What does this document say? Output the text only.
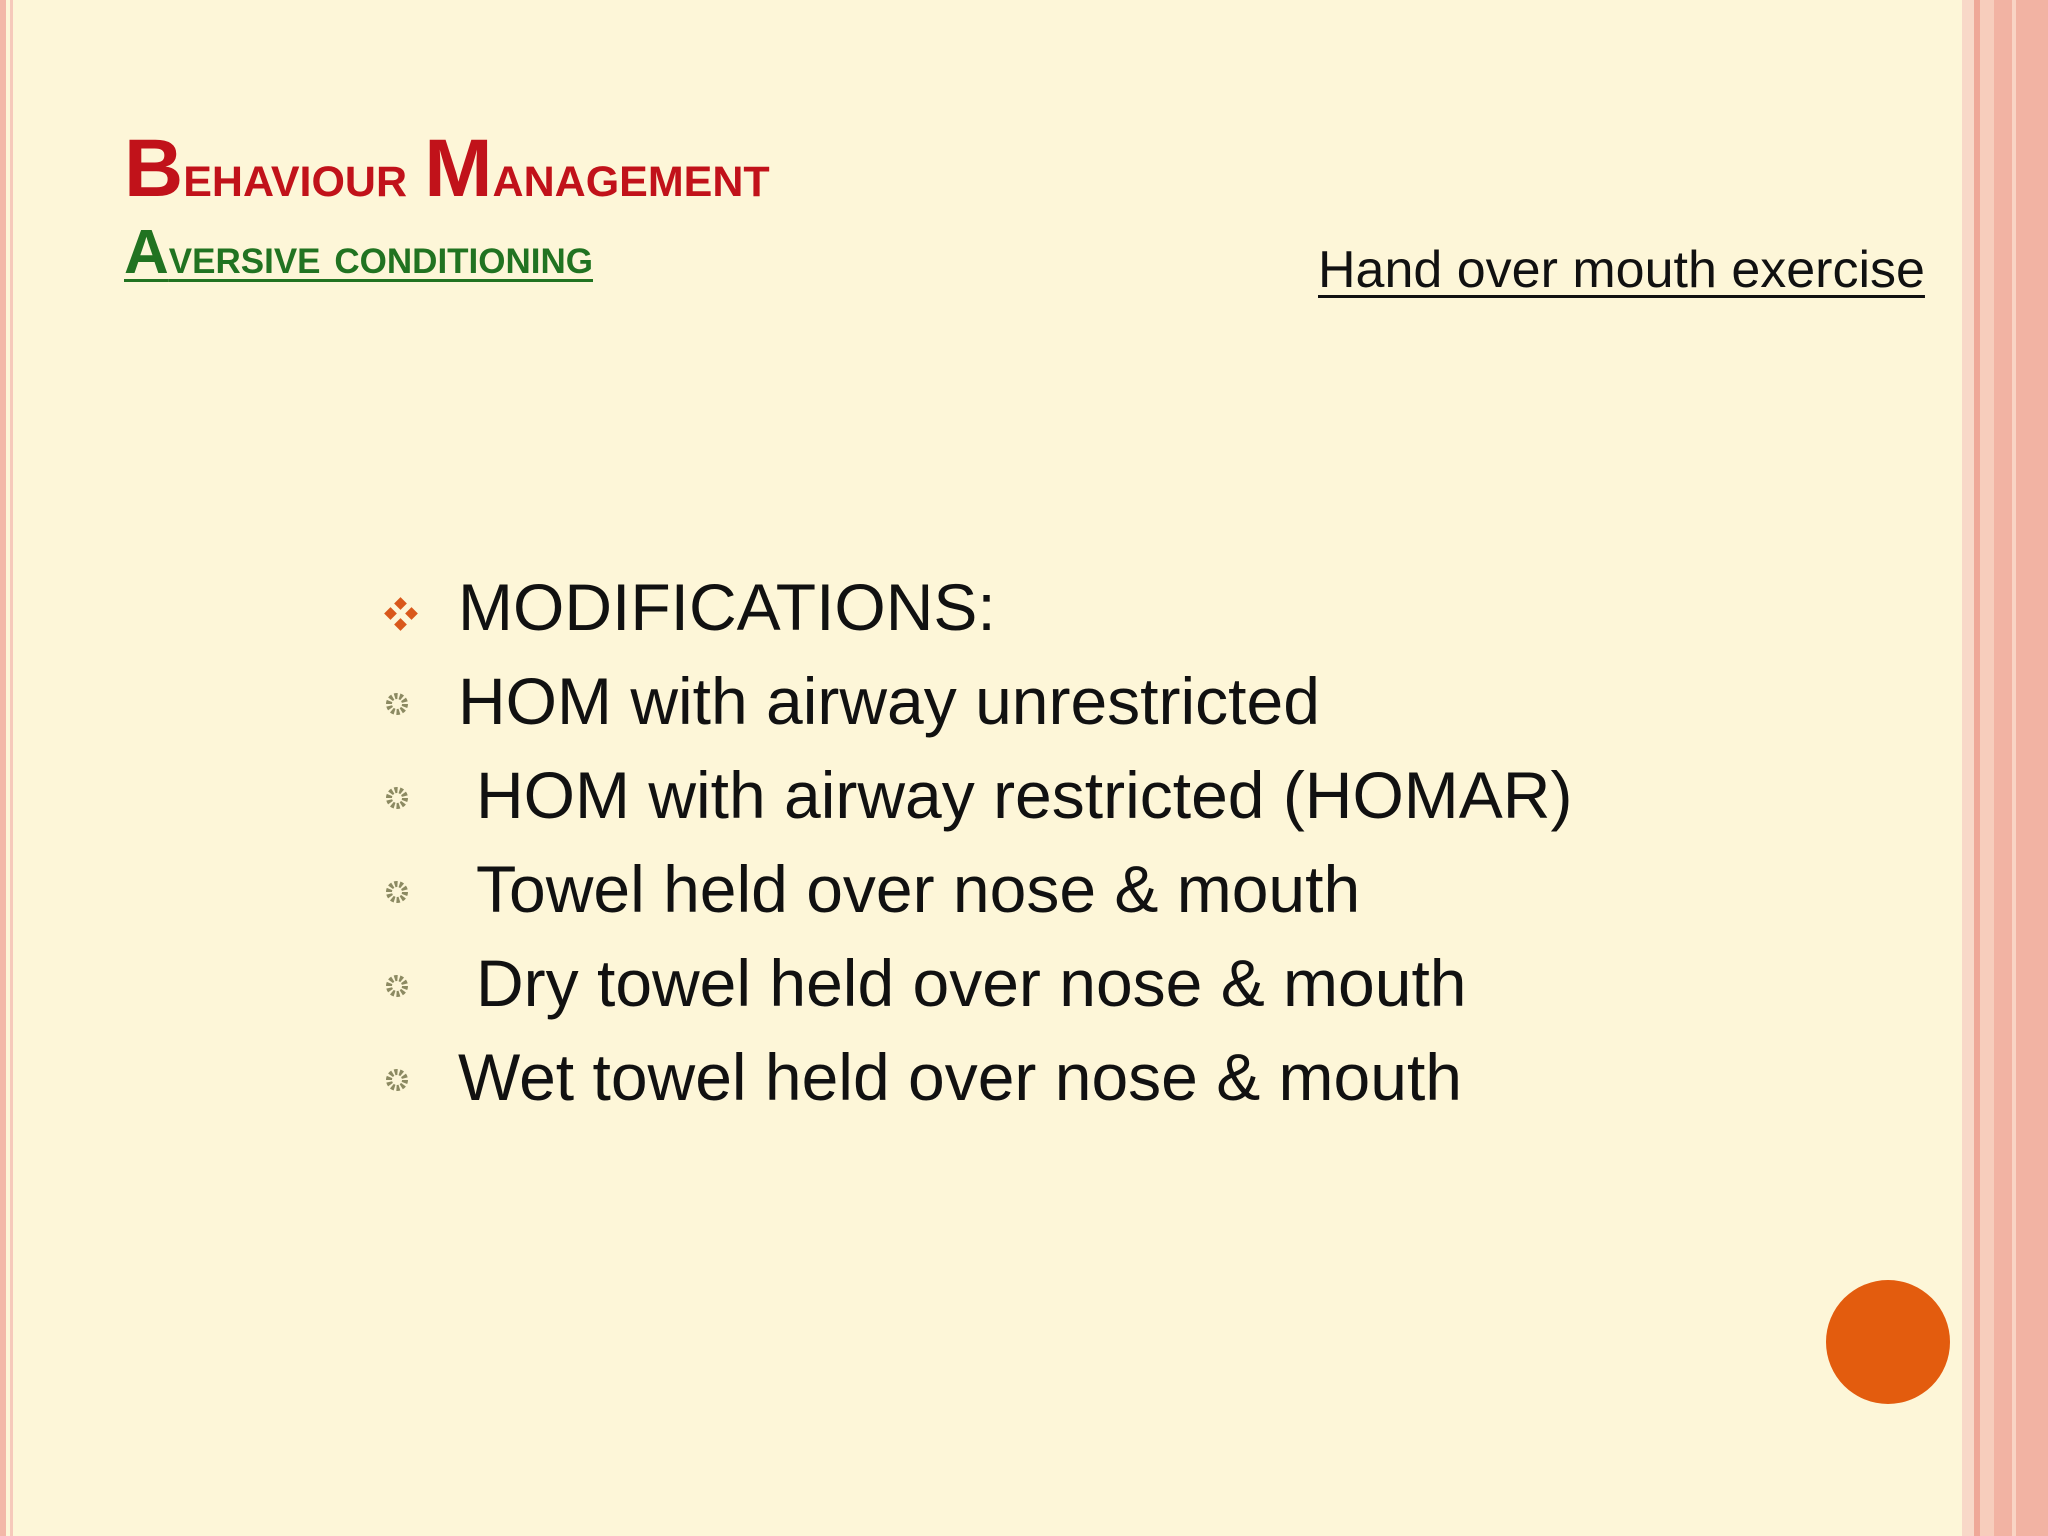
Behaviour Management
Aversive conditioning	Hand over mouth exercise
MODIFICATIONS:
HOM with airway unrestricted
HOM with airway restricted (HOMAR)
Towel held over nose & mouth
Dry towel held over nose & mouth
Wet towel held over nose & mouth
